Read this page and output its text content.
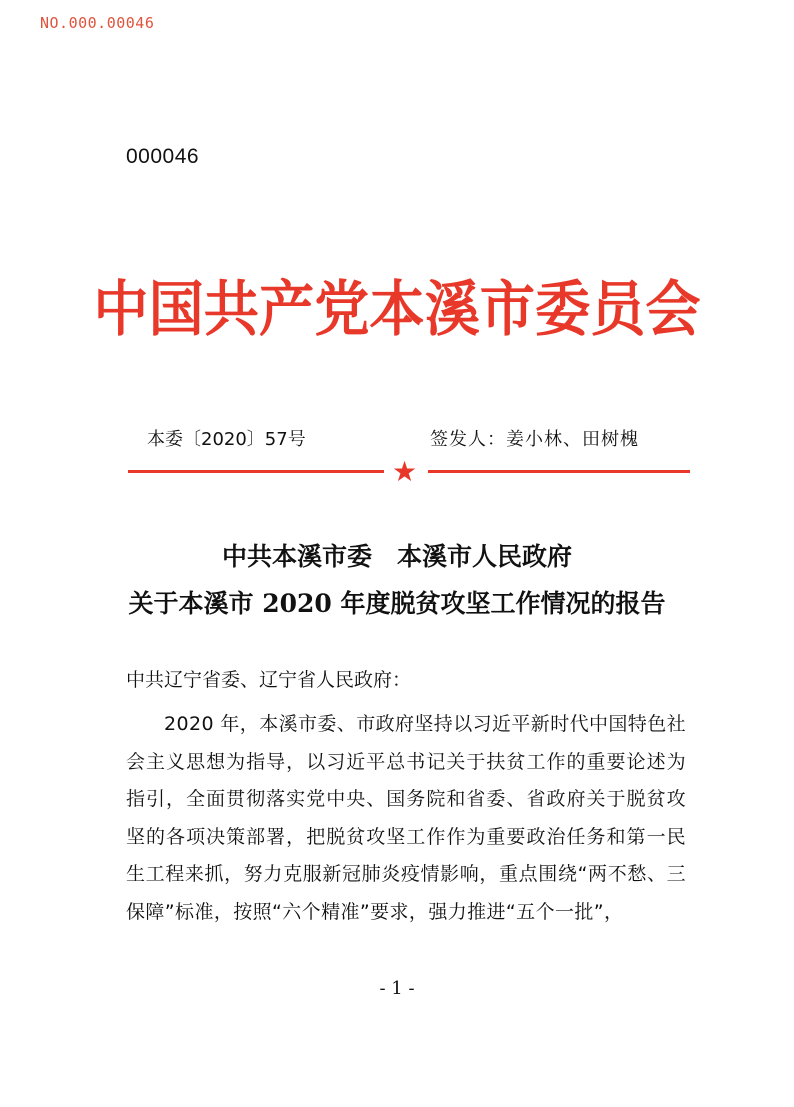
NO.000.00046
000046
中国共产党本溪市委员会
本委〔2020〕57号	签发人：姜小林、田树槐
★
中共本溪市委　本溪市人民政府
关于本溪市 2020 年度脱贫攻坚工作情况的报告
中共辽宁省委、辽宁省人民政府：
2020 年，本溪市委、市政府坚持以习近平新时代中国特色社会主义思想为指导，以习近平总书记关于扶贫工作的重要论述为指引，全面贯彻落实党中央、国务院和省委、省政府关于脱贫攻坚的各项决策部署，把脱贫攻坚工作作为重要政治任务和第一民生工程来抓，努力克服新冠肺炎疫情影响，重点围绕“两不愁、三保障”标准，按照“六个精准”要求，强力推进“五个一批”，
- 1 -
